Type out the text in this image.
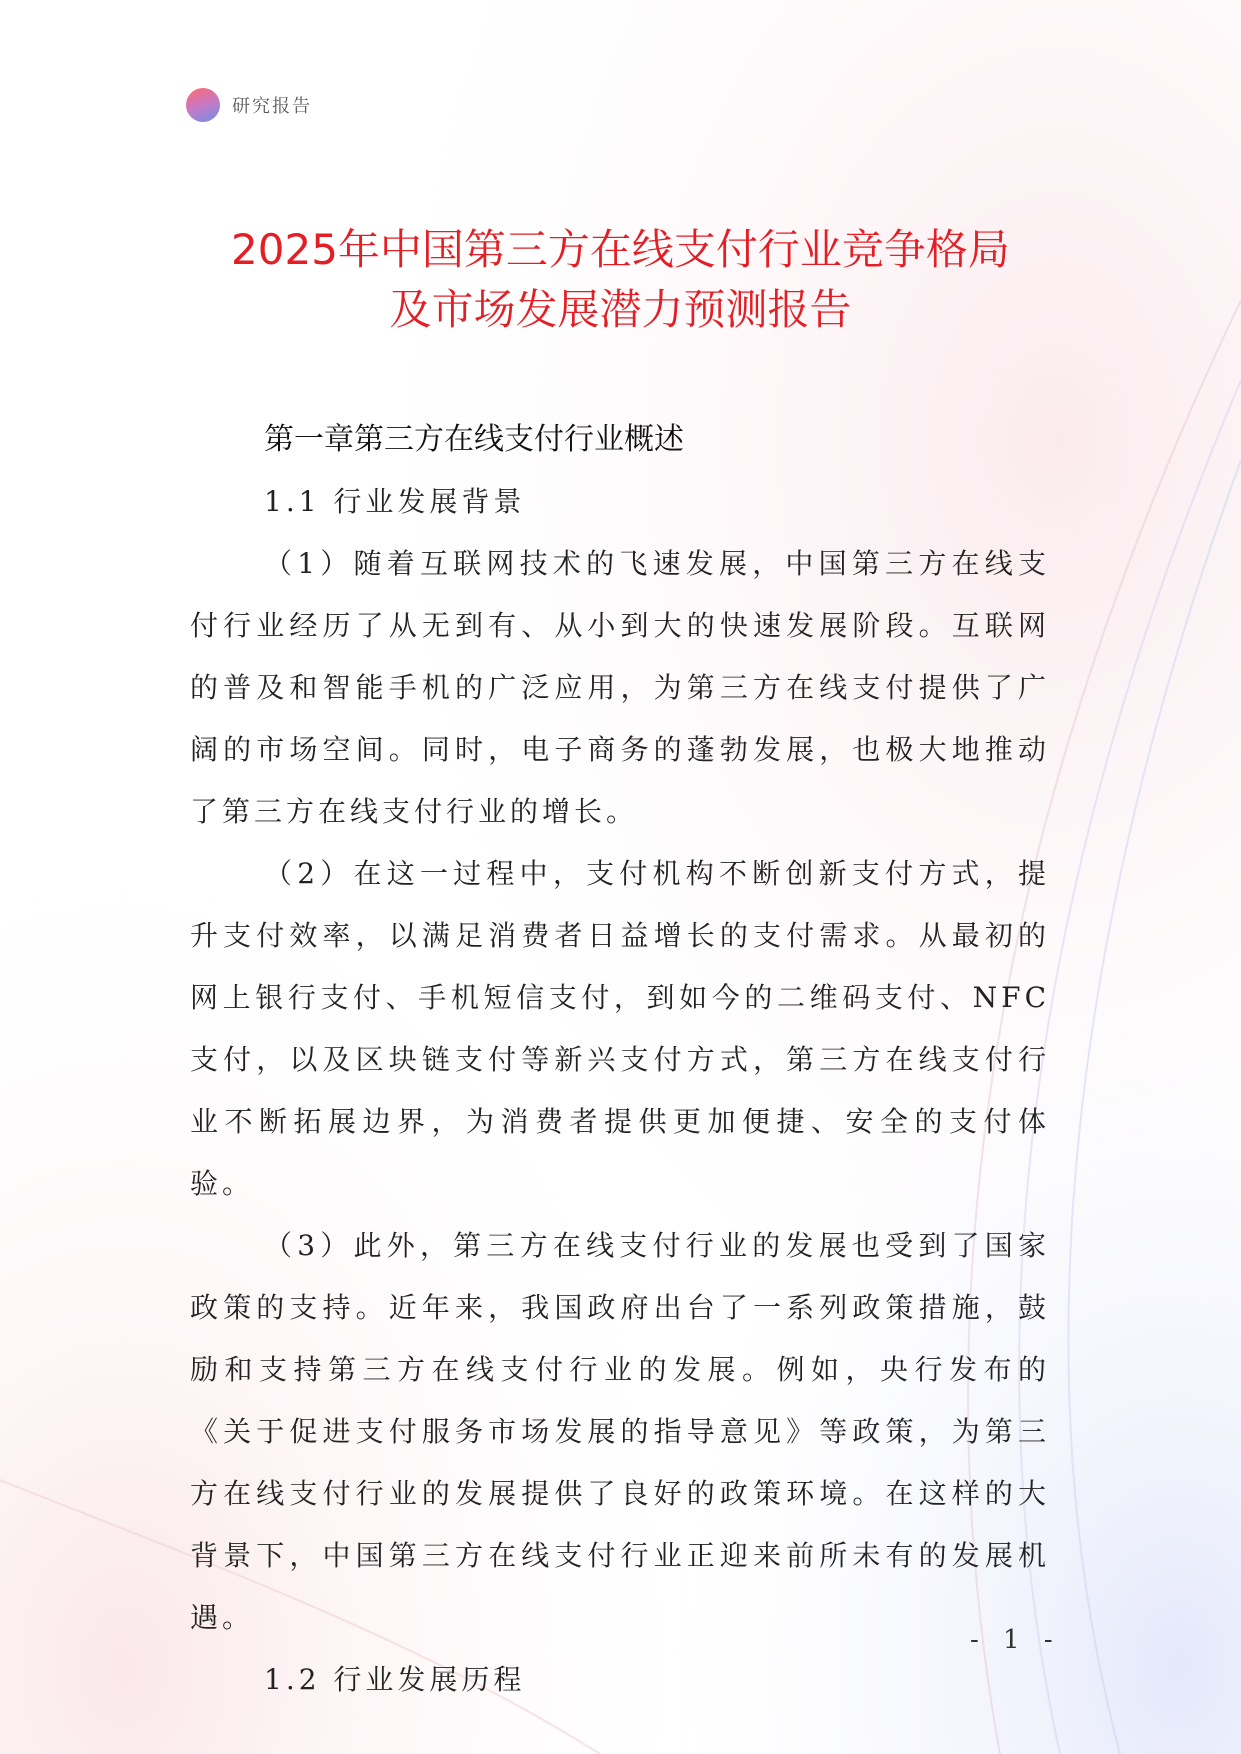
研究报告
2025年中国第三方在线支付行业竞争格局
及市场发展潜力预测报告
第一章第三方在线支付行业概述
1.1 行业发展背景

（1）随着互联网技术的飞速发展，中国第三方在线支付行业经历了从无到有、从小到大的快速发展阶段。互联网的普及和智能手机的广泛应用，为第三方在线支付提供了广阔的市场空间。同时，电子商务的蓬勃发展，也极大地推动了第三方在线支付行业的增长。

（2）在这一过程中，支付机构不断创新支付方式，提升支付效率，以满足消费者日益增长的支付需求。从最初的网上银行支付、手机短信支付，到如今的二维码支付、NFC 支付，以及区块链支付等新兴支付方式，第三方在线支付行业不断拓展边界，为消费者提供更加便捷、安全的支付体验。

（3）此外，第三方在线支付行业的发展也受到了国家政策的支持。近年来，我国政府出台了一系列政策措施，鼓励和支持第三方在线支付行业的发展。例如，央行发布的《关于促进支付服务市场发展的指导意见》等政策，为第三方在线支付行业的发展提供了良好的政策环境。在这样的大背景下，中国第三方在线支付行业正迎来前所未有的发展机遇。

1.2 行业发展历程
- 1 -
